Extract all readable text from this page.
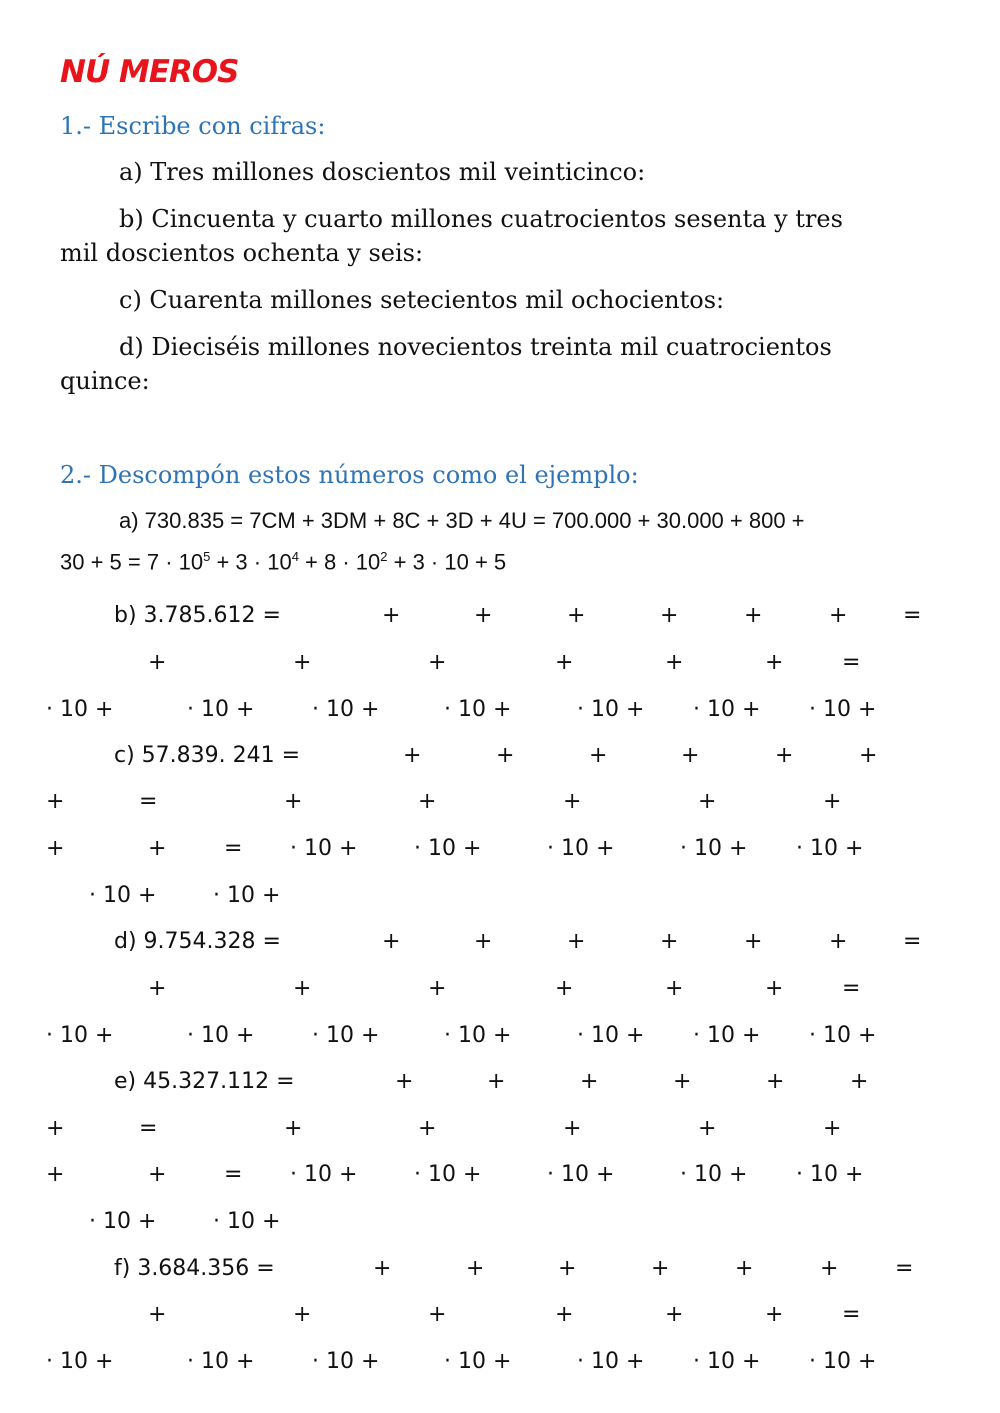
NÚ MEROS
1.- Escribe con cifras:
a) Tres millones doscientos mil veinticinco:
b) Cincuenta y cuarto millones cuatrocientos sesenta y tres
mil doscientos ochenta y seis:
c) Cuarenta millones setecientos mil ochocientos:
d) Dieciséis millones novecientos treinta mil cuatrocientos
quince:
2.- Descompón estos números como el ejemplo:
a) 730.835 = 7CM + 3DM + 8C + 3D + 4U = 700.000 + 30.000 + 800 +
$30 + 5 = 7 \cdot 10^5 + 3 \cdot 10^4 + 8 \cdot 10^2 + 3 \cdot 10 + 5$
b) 3.785.612 =	+	+	+	+	+	+	=
+	+	+	+	+	+	=
· 10 +	· 10 +	· 10 +	· 10 +	· 10 + · 10 + · 10 +
c) 57.839. 241 =	+	+	+	+	+	+
+	=	+	+	+	+	+
+	+	= · 10 +	· 10 +	· 10 +	· 10 + · 10 +
· 10 +	· 10 +
d) 9.754.328 =	+	+	+	+	+	+	=
+	+	+	+	+	+	=
· 10 +	· 10 +	· 10 +	· 10 +	· 10 + · 10 + · 10 +
e) 45.327.112 =	+	+	+	+	+	+
+	=	+	+	+	+	+
+	+	= · 10 +	· 10 +	· 10 +	· 10 + · 10 +
· 10 +	· 10 +
f) 3.684.356 =	+	+	+	+	+	+	=
+	+	+	+	+	+	=
· 10 +	· 10 +	· 10 +	· 10 +	· 10 + · 10 + · 10 +
